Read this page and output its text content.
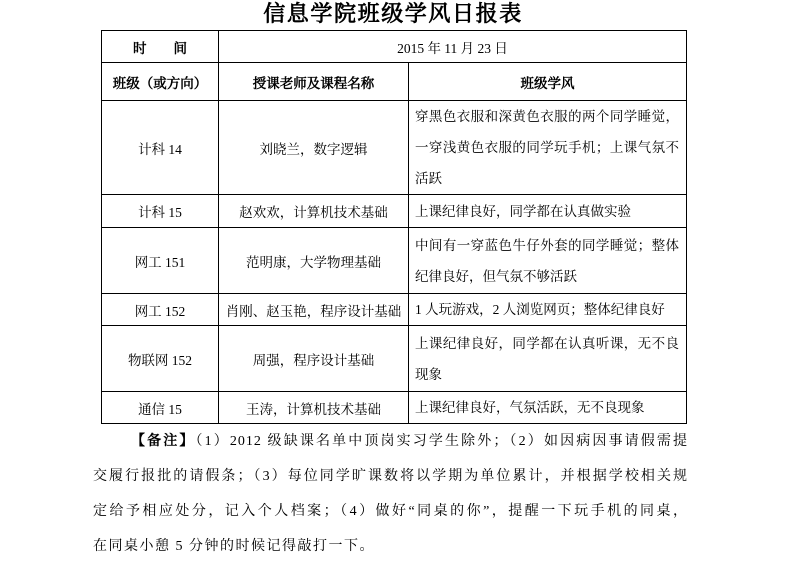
信息学院班级学风日报表
时　　间	2015 年 11 月 23 日	
班级（或方向）	授课老师及课程名称	班级学风
计科 14	刘晓兰，数字逻辑	穿黑色衣服和深黄色衣服的两个同学睡觉，
一穿浅黄色衣服的同学玩手机；上课气氛不
活跃

计科 15	赵欢欢，计算机技术基础	上课纪律良好，同学都在认真做实验

网工 151	范明康，大学物理基础	中间有一穿蓝色牛仔外套的同学睡觉；整体
纪律良好，但气氛不够活跃

网工 152	肖刚、赵玉艳，程序设计基础	1 人玩游戏，2 人浏览网页；整体纪律良好

物联网 152	周强，程序设计基础	上课纪律良好，同学都在认真听课，无不良
现象

通信 15	王涛，计算机技术基础	上课纪律良好，气氛活跃，无不良现象
【备注】（1）2012 级缺课名单中顶岗实习学生除外；（2）如因病因事请假需提
交履行报批的请假条；（3）每位同学旷课数将以学期为单位累计，并根据学校相关规
定给予相应处分，记入个人档案；（4）做好“同桌的你”，提醒一下玩手机的同桌，
在同桌小憩 5 分钟的时候记得敲打一下。
